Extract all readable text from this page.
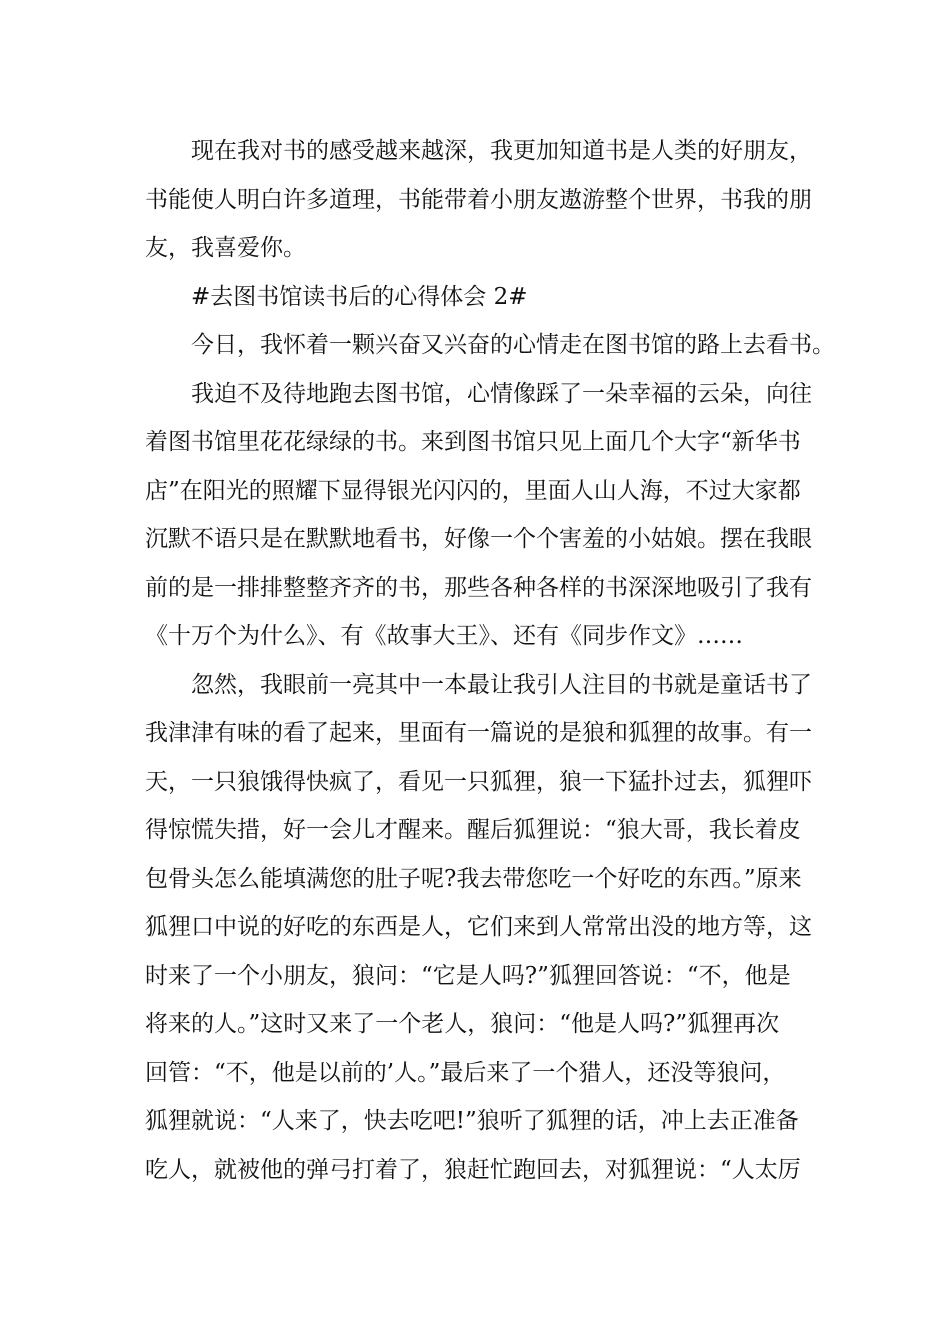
现在我对书的感受越来越深，我更加知道书是人类的好朋友，
书能使人明白许多道理，书能带着小朋友遨游整个世界，书我的朋
友，我喜爱你。
#去图书馆读书后的心得体会 2#
今日，我怀着一颗兴奋又兴奋的心情走在图书馆的路上去看书。
我迫不及待地跑去图书馆，心情像踩了一朵幸福的云朵，向往
着图书馆里花花绿绿的书。来到图书馆只见上面几个大字“新华书
店”在阳光的照耀下显得银光闪闪的，里面人山人海，不过大家都
沉默不语只是在默默地看书，好像一个个害羞的小姑娘。摆在我眼
前的是一排排整整齐齐的书，那些各种各样的书深深地吸引了我有
《十万个为什么》、有《故事大王》、还有《同步作文》……
忽然，我眼前一亮其中一本最让我引人注目的书就是童话书了
我津津有味的看了起来，里面有一篇说的是狼和狐狸的故事。有一
天，一只狼饿得快疯了，看见一只狐狸，狼一下猛扑过去，狐狸吓
得惊慌失措，好一会儿才醒来。醒后狐狸说：“狼大哥，我长着皮
包骨头怎么能填满您的肚子呢?我去带您吃一个好吃的东西。”原来
狐狸口中说的好吃的东西是人，它们来到人常常出没的地方等，这
时来了一个小朋友，狼问：“它是人吗?”狐狸回答说：“不，他是
将来的人。”这时又来了一个老人，狼问：“他是人吗?”狐狸再次
回管：“不，他是以前的’人。”最后来了一个猎人，还没等狼问，
狐狸就说：“人来了，快去吃吧!”狼听了狐狸的话，冲上去正准备
吃人，就被他的弹弓打着了，狼赶忙跑回去，对狐狸说：“人太厉
